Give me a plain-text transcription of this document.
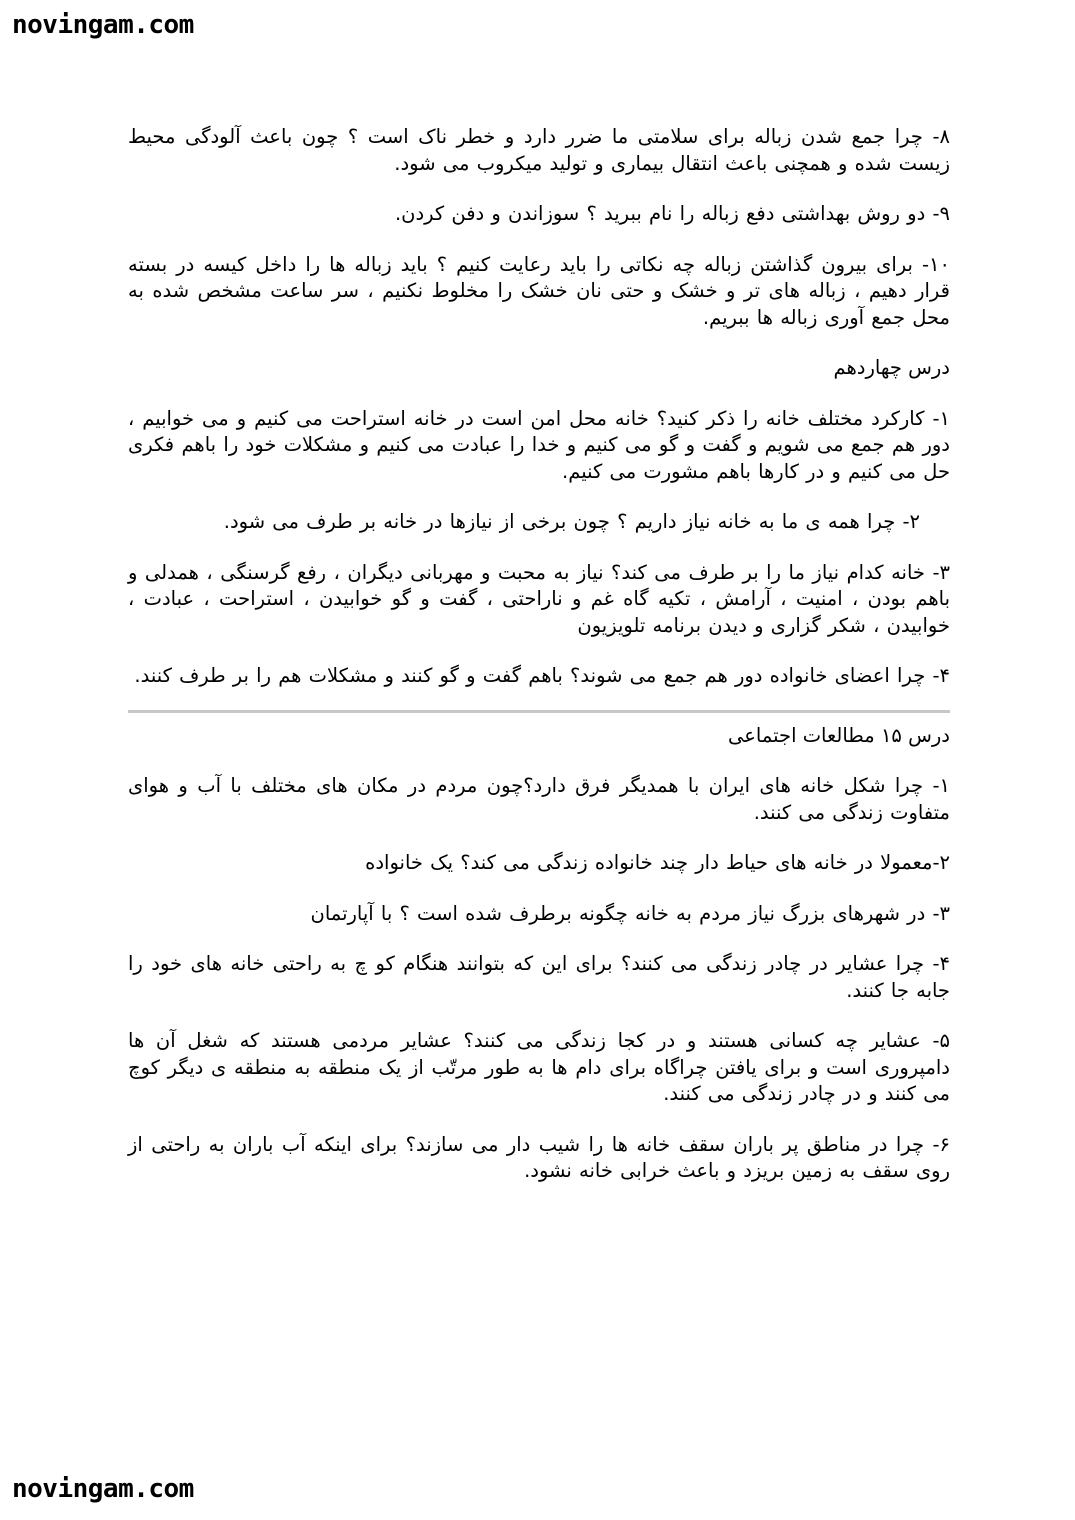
novingam.com

۸- چرا جمع شدن زباله برای سلامتی ما ضرر دارد و خطر ناک است ؟ چون باعث آلودگی محیط زیست شده و همچنی باعث انتقال بیماری و تولید میکروب می شود.

۹- دو روش بهداشتی دفع زباله را نام ببرید ؟ سوزاندن و دفن کردن.

۱۰- برای بیرون گذاشتن زباله چه نکاتی را باید رعایت کنیم ؟ باید زباله ها را داخل کیسه در بسته قرار دهیم ، زباله های تر و خشک و حتی نان خشک را مخلوط نکنیم ، سر ساعت مشخص شده به محل جمع آوری زباله ها ببریم.

درس چهاردهم

۱- کارکرد مختلف خانه را ذکر کنید؟ خانه محل امن است در خانه استراحت می کنیم و می خوابیم ، دور هم جمع می شویم و گفت و گو می کنیم و خدا را عبادت می کنیم و مشکلات خود را باهم فکری حل می کنیم و در کارها باهم مشورت می کنیم.

۲- چرا همه ی ما به خانه نیاز داریم ؟ چون برخی از نیازها در خانه بر طرف می شود.

۳- خانه کدام نیاز ما را بر طرف می کند؟ نیاز به محبت و مهربانی دیگران ، رفع گرسنگی ، همدلی و باهم بودن ، امنیت ، آرامش ، تکیه گاه غم و ناراحتی ، گفت و گو خوابیدن ، استراحت ، عبادت ، خوابیدن ، شکر گزاری و دیدن برنامه تلویزیون

۴- چرا اعضای خانواده دور هم جمع می شوند؟ باهم گفت و گو کنند و مشکلات هم را بر طرف کنند.

درس ۱۵ مطالعات اجتماعی

۱- چرا شکل خانه های ایران با همدیگر فرق دارد؟چون مردم در مکان های مختلف با آب و هوای متفاوت زندگی می کنند.

۲-معمولا در خانه های حیاط دار چند خانواده زندگی می کند؟ یک خانواده

۳- در شهرهای بزرگ نیاز مردم به خانه چگونه برطرف شده است ؟ با آپارتمان

۴- چرا عشایر در چادر زندگی می کنند؟ برای این که بتوانند هنگام کو چ به راحتی خانه های خود را جابه جا کنند.

۵- عشایر چه کسانی هستند و در کجا زندگی می کنند؟ عشایر مردمی هستند که شغل آن ها دامپروری است و برای یافتن چراگاه برای دام ها به طور مرتّب از یک منطقه به منطقه ی دیگر کوچ می کنند و در چادر زندگی می کنند.

۶- چرا در مناطق پر باران سقف خانه ها را شیب دار می سازند؟ برای اینکه آب باران به راحتی از روی سقف به زمین بریزد و باعث خرابی خانه نشود.

novingam.com
